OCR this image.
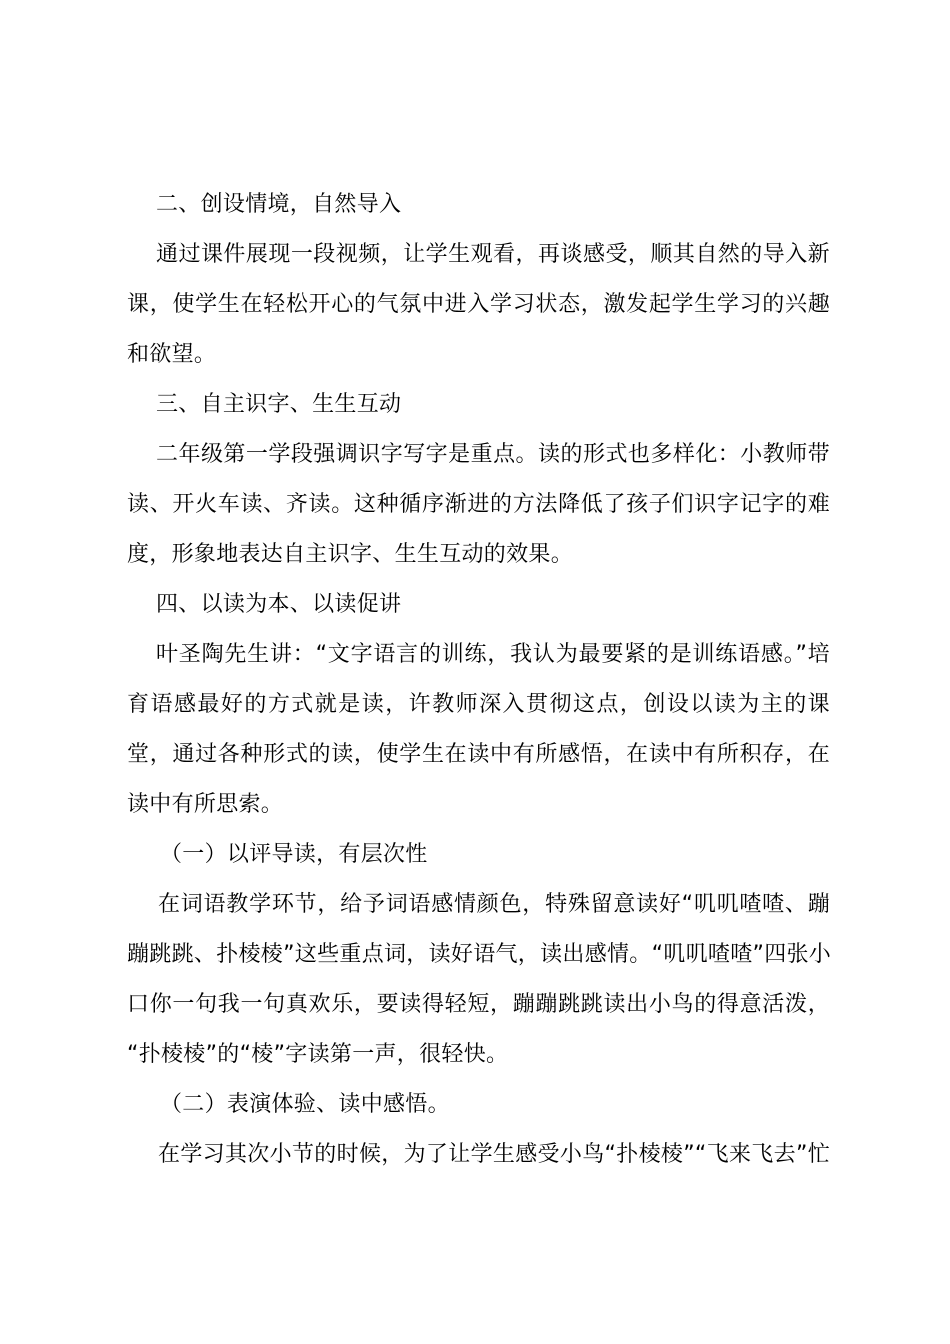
二、创设情境，自然导入
通过课件展现一段视频，让学生观看，再谈感受，顺其自然的导入新
课，使学生在轻松开心的气氛中进入学习状态，激发起学生学习的兴趣
和欲望。
三、自主识字、生生互动
二年级第一学段强调识字写字是重点。读的形式也多样化：小教师带
读、开火车读、齐读。这种循序渐进的方法降低了孩子们识字记字的难
度，形象地表达自主识字、生生互动的效果。
四、以读为本、以读促讲
叶圣陶先生讲：“文字语言的训练，我认为最要紧的是训练语感。”培
育语感最好的方式就是读，许教师深入贯彻这点，创设以读为主的课
堂，通过各种形式的读，使学生在读中有所感悟，在读中有所积存，在
读中有所思索。
（一）以评导读，有层次性
在词语教学环节，给予词语感情颜色，特殊留意读好“叽叽喳喳、蹦
蹦跳跳、扑棱棱”这些重点词，读好语气，读出感情。“叽叽喳喳”四张小
口你一句我一句真欢乐，要读得轻短，蹦蹦跳跳读出小鸟的得意活泼，
“扑棱棱”的“棱”字读第一声，很轻快。
（二）表演体验、读中感悟。
在学习其次小节的时候，为了让学生感受小鸟“扑棱棱”“飞来飞去”忙
